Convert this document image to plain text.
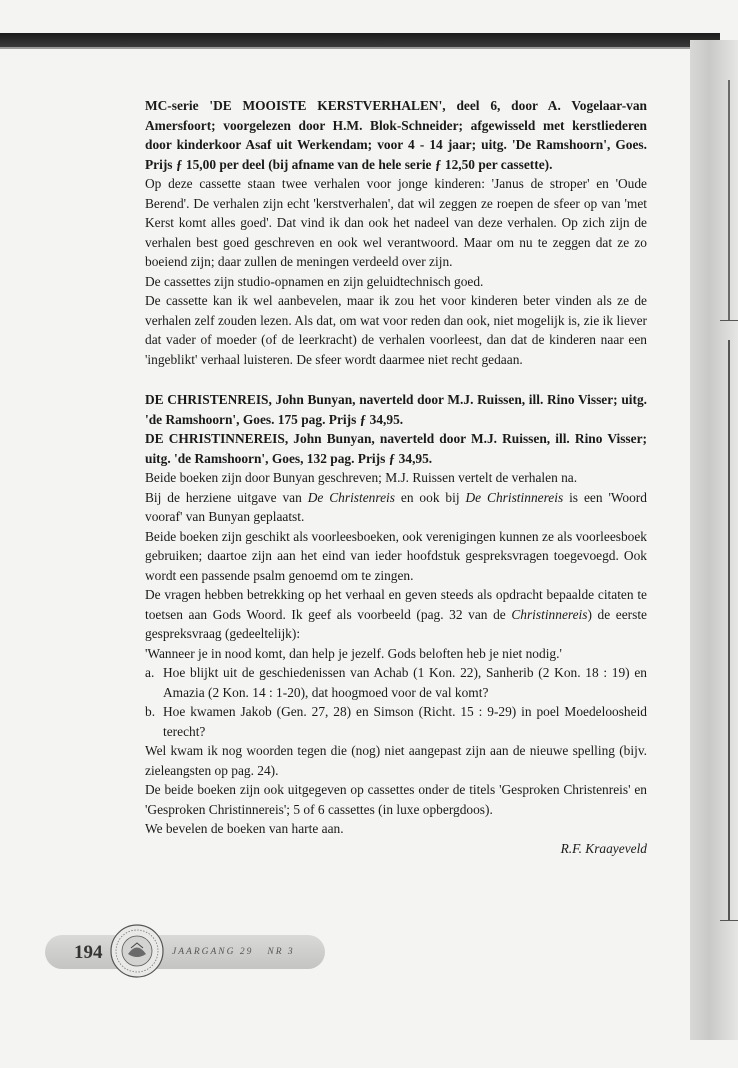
MC-serie 'DE MOOISTE KERSTVERHALEN', deel 6, door A. Vogelaar-van Amersfoort; voorgelezen door H.M. Blok-Schneider; afgewisseld met kerstliederen door kinderkoor Asaf uit Werkendam; voor 4 - 14 jaar; uitg. 'De Ramshoorn', Goes. Prijs ƒ 15,00 per deel (bij afname van de hele serie ƒ 12,50 per cassette).

Op deze cassette staan twee verhalen voor jonge kinderen: 'Janus de stroper' en 'Oude Berend'. De verhalen zijn echt 'kerstverhalen', dat wil zeggen ze roepen de sfeer op van 'met Kerst komt alles goed'. Dat vind ik dan ook het nadeel van deze verhalen. Op zich zijn de verhalen best goed geschreven en ook wel verantwoord. Maar om nu te zeggen dat ze zo boeiend zijn; daar zullen de meningen verdeeld over zijn.

De cassettes zijn studio-opnamen en zijn geluidtechnisch goed.

De cassette kan ik wel aanbevelen, maar ik zou het voor kinderen beter vinden als ze de verhalen zelf zouden lezen. Als dat, om wat voor reden dan ook, niet mogelijk is, zie ik liever dat vader of moeder (of de leerkracht) de verhalen voorleest, dan dat de kinderen naar een 'ingeblikt' verhaal luisteren. De sfeer wordt daarmee niet recht gedaan.

DE CHRISTENREIS, John Bunyan, naverteld door M.J. Ruissen, ill. Rino Visser; uitg. 'de Ramshoorn', Goes. 175 pag. Prijs ƒ 34,95.

DE CHRISTINNEREIS, John Bunyan, naverteld door M.J. Ruissen, ill. Rino Visser; uitg. 'de Ramshoorn', Goes, 132 pag. Prijs ƒ 34,95.

Beide boeken zijn door Bunyan geschreven; M.J. Ruissen vertelt de verhalen na.

Bij de herziene uitgave van De Christenreis en ook bij De Christinnereis is een 'Woord vooraf' van Bunyan geplaatst.

Beide boeken zijn geschikt als voorleesboeken, ook verenigingen kunnen ze als voorleesboek gebruiken; daartoe zijn aan het eind van ieder hoofdstuk gespreksvragen toegevoegd. Ook wordt een passende psalm genoemd om te zingen.

De vragen hebben betrekking op het verhaal en geven steeds als opdracht bepaalde citaten te toetsen aan Gods Woord. Ik geef als voorbeeld (pag. 32 van de Christinnereis) de eerste gespreksvraag (gedeeltelijk):

'Wanneer je in nood komt, dan help je jezelf. Gods beloften heb je niet nodig.'

a. Hoe blijkt uit de geschiedenissen van Achab (1 Kon. 22), Sanherib (2 Kon. 18 : 19) en Amazia (2 Kon. 14 : 1-20), dat hoogmoed voor de val komt?
b. Hoe kwamen Jakob (Gen. 27, 28) en Simson (Richt. 15 : 9-29) in poel Moedeloosheid terecht?

Wel kwam ik nog woorden tegen die (nog) niet aangepast zijn aan de nieuwe spelling (bijv. zieleangsten op pag. 24).

De beide boeken zijn ook uitgegeven op cassettes onder de titels 'Gesproken Christenreis' en 'Gesproken Christinnereis'; 5 of 6 cassettes (in luxe opbergdoos).

We bevelen de boeken van harte aan.

R.F. Kraayeveld

194	JAARGANG 29 NR 3
